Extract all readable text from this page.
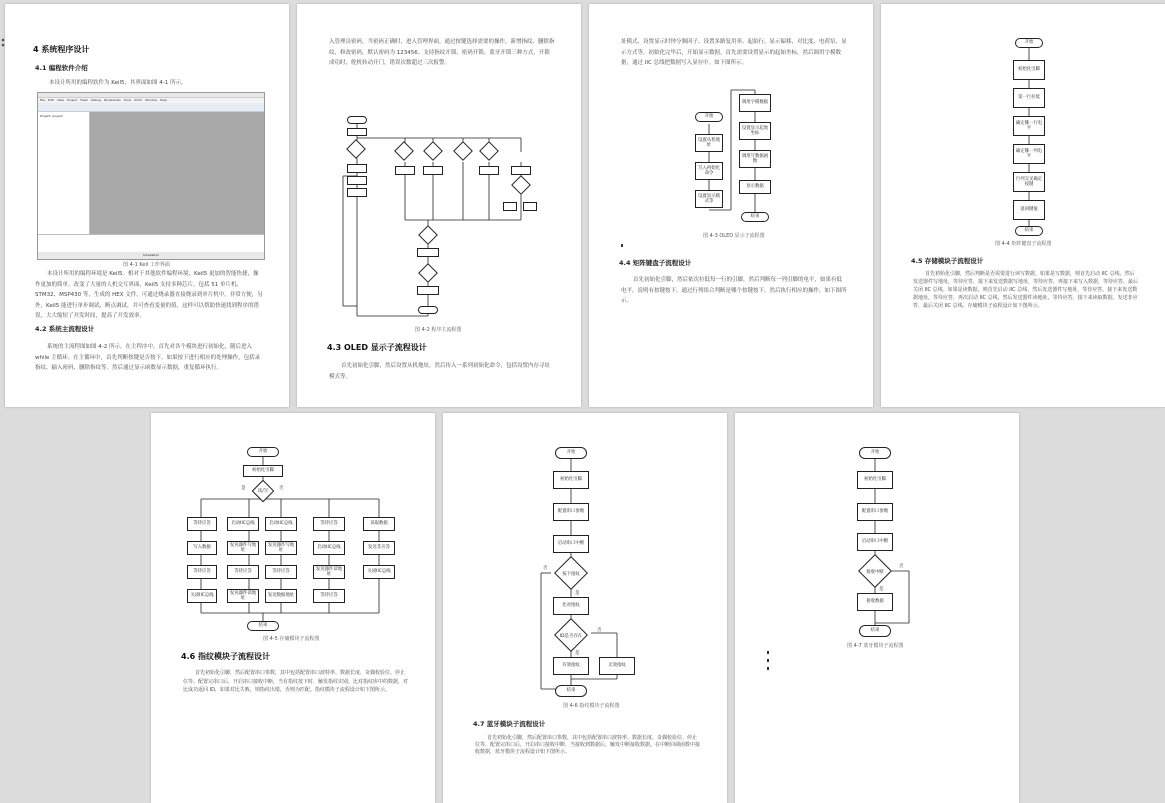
4 系统程序设计
4.1 编程软件介绍
本设计所用的编程软件为 Keil5，其界面如图 4-1 所示。
File Edit View Project Flash Debug Peripherals Tools SVCS Window Help
Project: project
Simulation
图 4-1 Keil 工作界面
本设计所用的编程环境是 Keil5。相对于其他软件编程环境，Keil5 更加的智能快捷，操作更加的简单。改变了大量的人机交互界面，Keil5 支持多种芯片，包括 51 单片机、STM32、MSP430 等，生成的 HEX 文件，可通过烧录器直接烧录到单片机中。非常方便，另外，Keil5 能进行单步调试、断点调试，并可查看变量的值，这样可以帮助快速找到程序的错误，大大缩短了开发时间，提高了开发效率。
4.2 系统主流程设计
系统的主流程图如图 4-2 所示。在主程序中，首先对各个模块进行初始化，随后进入 while 主循环。在主循环中，首先判断按键是否按下，如果按下进行相应的处理操作，包括录指纹、输入密码、删除指纹等。然后通过显示函数显示数据，重复循环执行。
入管理员密码，当密码正确时，进入管理界面。通过按键选择需要的操作，新增指纹、删除指纹、修改密码，默认密码为 123456。支持指纹开锁、密码开锁、蓝牙开锁三种方式，开锁成功时，舵机转动开门，错误次数超过三次报警。
图 4-2 程序主流程图
4.3 OLED 显示子流程设计
首先初始化引脚，然后设置从机地址，然后传入一系列初始化命令，包括设置内存寻址模式等。
址模式、设置显示时钟分频因子、设置多路复用率、起始行、显示偏移、对比度、电荷泵、显示方式等。初始化完毕后，开始显示数据。首先需要设置显示的起始坐标，然后调用字模数据，通过 IIC 总线把数据写入显存中。如下图所示。
开始
设置从机地址
写入初始化命令
设置显示模式等
调用字模数据
设置显示起始坐标
调用写数据函数
显示数据
结束
图 4-3 OLED 显示子流程图
4.4 矩阵键盘子流程设计
首先初始化引脚，然后依次拉低每一行的引脚，然后判断每一列引脚的电平，如果有低电平，说明有按键按下，通过行列组合判断是哪个按键按下，然后执行相应的操作，如下图所示。
开始
初始化引脚
第一行拉低
确定哪一行电平
确定哪一列电平
行列交叉确定按键
返回键值
结束
图 4-4 矩阵键盘子流程图
4.5 存储模块子流程设计
首先初始化引脚，然后判断是否需要进行读写数据，如果是写数据，则首先启动 IIC 总线，然后发送器件写地址，等待应答，接下来发送数据写地址，等待应答，再接下来写入数据，等待应答，最后关闭 IIC 总线。如果是读数据，则首先启动 IIC 总线，然后发送器件写地址，等待应答，接下来发送数据地址，等待应答，再次启动 IIC 总线，然后发送器件读地址，等待应答，接下来读取数据，发送非应答，最后关闭 IIC 总线。存储模块子流程设计如下图所示。
开始
初始化引脚
读/写
是	否
等待应答
写入数据
等待应答
关闭IIC总线
启动IIC总线
发送器件写地址
等待应答
发送器件读地址
启动IIC总线
发送器件写地址
等待应答
发送数据地址
等待应答
启动IIC总线
发送器件读地址
等待应答
读取数据
发送非应答
关闭IIC总线
结束
图 4-5 存储模块子流程图
4.6 指纹模块子流程设计
首先初始化引脚，然后配置串口参数，其中包括配置串口波特率、数据长度、奇偶校验位、停止位等。配置完串口后，开启串口接收中断，当有指纹按下时，触发指纹识别，比对指纹库中的数据，对比成功返回 ID，如果对比失败，则指纹出错，否则为匹配。指纹模块子流程设计如下图所示。
开始
初始化引脚
配置串口参数
启动串口中断
按下指纹
否
是
比对指纹
ID是否存在
否
是
有效指纹	无效指纹
结束
图 4-6 指纹模块子流程图
4.7 蓝牙模块子流程设计
首先初始化引脚，然后配置串口参数，其中包括配置串口波特率、数据长度、奇偶校验位、停止位等。配置完串口后，开启串口接收中断，当接收到数据后，触发中断接收数据。在中断回调函数中接收数据，蓝牙模块子流程设计如下图所示。
开始
初始化引脚
配置串口参数
启动串口中断
接收中断
否
是
接收数据
结束
图 4-7 蓝牙模块子流程图
